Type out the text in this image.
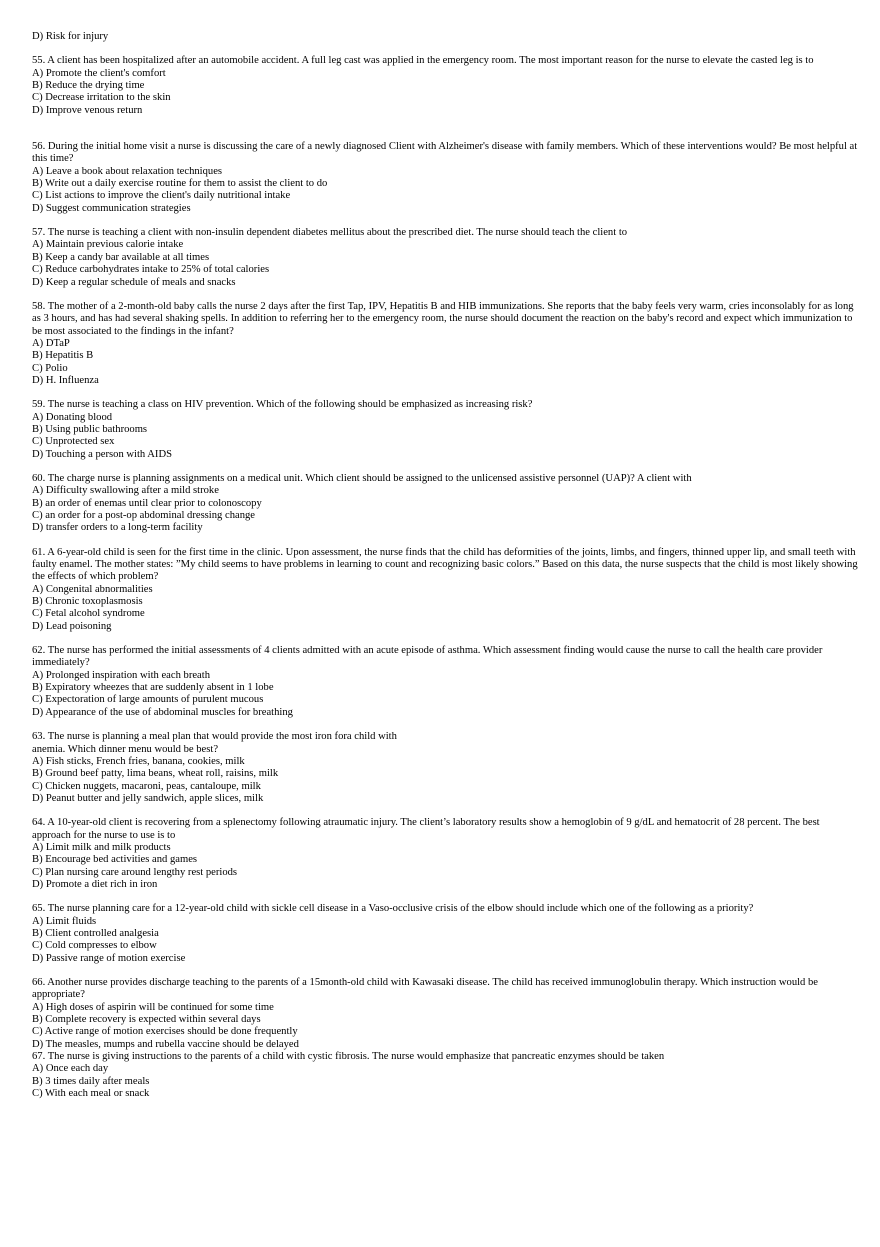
D) Risk for injury
55. A client has been hospitalized after an automobile accident. A full leg cast was applied in the emergency room. The most important reason for the nurse to elevate the casted leg is to
A) Promote the client's comfort
B) Reduce the drying time
C) Decrease irritation to the skin
D) Improve venous return
56. During the initial home visit a nurse is discussing the care of a newly diagnosed Client with Alzheimer's disease with family members. Which of these interventions would? Be most helpful at this time?
A) Leave a book about relaxation techniques
B) Write out a daily exercise routine for them to assist the client to do
C) List actions to improve the client's daily nutritional intake
D) Suggest communication strategies
57. The nurse is teaching a client with non-insulin dependent diabetes mellitus about the prescribed diet. The nurse should teach the client to
A) Maintain previous calorie intake
B) Keep a candy bar available at all times
C) Reduce carbohydrates intake to 25% of total calories
D) Keep a regular schedule of meals and snacks
58. The mother of a 2-month-old baby calls the nurse 2 days after the first Tap, IPV, Hepatitis B and HIB immunizations. She reports that the baby feels very warm, cries inconsolably for as long as 3 hours, and has had several shaking spells. In addition to referring her to the emergency room, the nurse should document the reaction on the baby's record and expect which immunization to be most associated to the findings in the infant?
A) DTaP
B) Hepatitis B
C) Polio
D) H. Influenza
59. The nurse is teaching a class on HIV prevention. Which of the following should be emphasized as increasing risk?
A) Donating blood
B) Using public bathrooms
C) Unprotected sex
D) Touching a person with AIDS
60. The charge nurse is planning assignments on a medical unit. Which client should be assigned to the unlicensed assistive personnel (UAP)? A client with
A) Difficulty swallowing after a mild stroke
B) an order of enemas until clear prior to colonoscopy
C) an order for a post-op abdominal dressing change
D) transfer orders to a long-term facility
61. A 6-year-old child is seen for the first time in the clinic. Upon assessment, the nurse finds that the child has deformities of the joints, limbs, and fingers, thinned upper lip, and small teeth with faulty enamel. The mother states: ”My child seems to have problems in learning to count and recognizing basic colors.” Based on this data, the nurse suspects that the child is most likely showing the effects of which problem?
A) Congenital abnormalities
B) Chronic toxoplasmosis
C) Fetal alcohol syndrome
D) Lead poisoning
62. The nurse has performed the initial assessments of 4 clients admitted with an acute episode of asthma. Which assessment finding would cause the nurse to call the health care provider immediately?
A) Prolonged inspiration with each breath
B) Expiratory wheezes that are suddenly absent in 1 lobe
C) Expectoration of large amounts of purulent mucous
D) Appearance of the use of abdominal muscles for breathing
63. The nurse is planning a meal plan that would provide the most iron fora child with
anemia. Which dinner menu would be best?
A) Fish sticks, French fries, banana, cookies, milk
B) Ground beef patty, lima beans, wheat roll, raisins, milk
C) Chicken nuggets, macaroni, peas, cantaloupe, milk
D) Peanut butter and jelly sandwich, apple slices, milk
64. A 10-year-old client is recovering from a splenectomy following atraumatic injury. The client’s laboratory results show a hemoglobin of 9 g/dL and hematocrit of 28 percent. The best approach for the nurse to use is to
A) Limit milk and milk products
B) Encourage bed activities and games
C) Plan nursing care around lengthy rest periods
D) Promote a diet rich in iron
65. The nurse planning care for a 12-year-old child with sickle cell disease in a Vaso-occlusive crisis of the elbow should include which one of the following as a priority?
A) Limit fluids
B) Client controlled analgesia
C) Cold compresses to elbow
D) Passive range of motion exercise
66. Another nurse provides discharge teaching to the parents of a 15month-old child with Kawasaki disease. The child has received immunoglobulin therapy. Which instruction would be appropriate?
A) High doses of aspirin will be continued for some time
B) Complete recovery is expected within several days
C) Active range of motion exercises should be done frequently
D) The measles, mumps and rubella vaccine should be delayed
67. The nurse is giving instructions to the parents of a child with cystic fibrosis. The nurse would emphasize that pancreatic enzymes should be taken
A) Once each day
B) 3 times daily after meals
C) With each meal or snack
